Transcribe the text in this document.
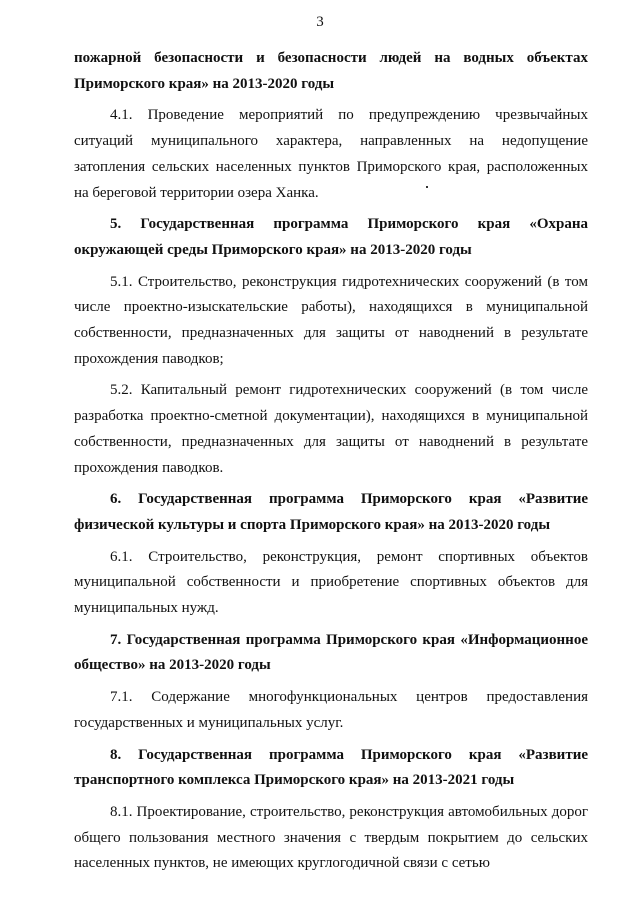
3

пожарной безопасности и безопасности людей на водных объектах Приморского края» на 2013-2020 годы

4.1. Проведение мероприятий по предупреждению чрезвычайных ситуаций муниципального характера, направленных на недопущение затопления сельских населенных пунктов Приморского края, расположенных на береговой территории озера Ханка.

5. Государственная программа Приморского края «Охрана окружающей среды Приморского края» на 2013-2020 годы

5.1. Строительство, реконструкция гидротехнических сооружений (в том числе проектно-изыскательские работы), находящихся в муниципальной собственности, предназначенных для защиты от наводнений в результате прохождения паводков;

5.2. Капитальный ремонт гидротехнических сооружений (в том числе разработка проектно-сметной документации), находящихся в муниципальной собственности, предназначенных для защиты от наводнений в результате прохождения паводков.

6. Государственная программа Приморского края «Развитие физической культуры и спорта Приморского края» на 2013-2020 годы

6.1. Строительство, реконструкция, ремонт спортивных объектов муниципальной собственности и приобретение спортивных объектов для муниципальных нужд.

7. Государственная программа Приморского края «Информационное общество» на 2013-2020 годы

7.1. Содержание многофункциональных центров предоставления государственных и муниципальных услуг.

8. Государственная программа Приморского края «Развитие транспортного комплекса Приморского края» на 2013-2021 годы

8.1. Проектирование, строительство, реконструкция автомобильных дорог общего пользования местного значения с твердым покрытием до сельских населенных пунктов, не имеющих круглогодичной связи с сетью
